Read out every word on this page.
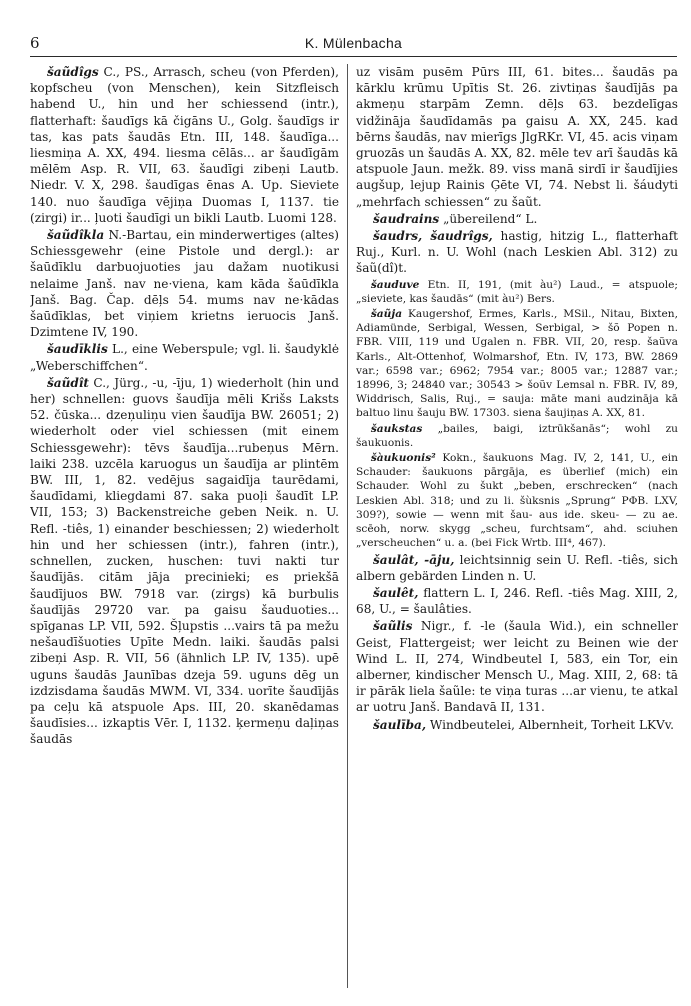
6	K. Mülenbacha

šaũdîgs C., PS., Arrasch, scheu (von Pferden), kopfscheu (von Menschen), kein Sitzfleisch habend U., hin und her schiessend (intr.), flatterhaft: šaudīgs kā čigāns U., Golg. šaudīgs ir tas, kas pats šaudās Etn. III, 148. šaudīga... liesmiņa A. XX, 494. liesma cēlās... ar šaudīgām mēlēm Asp. R. VII, 63. šaudīgi zibeņi Lautb. Niedr. V. X, 298. šaudīgas ēnas A. Up. Sieviete 140. nuo šaudīga vējiņa Duomas I, 1137. tie (zirgi) ir... ļuoti šaudīgi un bikli Lautb. Luomi 128.

šaũdîkla N.-Bartau, ein minderwertiges (altes) Schiessgewehr (eine Pistole und dergl.): ar šaūdīklu darbuojuoties jau dažam nuotikusi nelaime Janš. nav ne·viena, kam kāda šaūdīkla Janš. Bag. Čap. dēļs 54. mums nav ne·kādas šaūdīklas, bet viņiem krietns ieruocis Janš. Dzimtene IV, 190.

šaudīklis L., eine Weberspule; vgl. li. šaudyklė „Weberschiffchen“.

šaũdît C., Jürg., -u, -īju, 1) wiederholt (hin und her) schnellen: guovs šaudīja mēli Krišs Laksts 52. čūska... dzeņuliņu vien šaudīja BW. 26051; 2) wiederholt oder viel schiessen (mit einem Schiessgewehr): tēvs šaudīja...rubeņus Mērn. laiki 238. uzcēla karuogus un šaudīja ar plintēm BW. III, 1, 82. vedējus sagaidīja taurēdami, šaudīdami, kliegdami 87. saka puoļi šaudīt LP. VII, 153; 3) Backenstreiche geben Neik. n. U. Refl. -tiês, 1) einander beschiessen; 2) wiederholt hin und her schiessen (intr.), fahren (intr.), schnellen, zucken, huschen: tuvi nakti tur šaudījās. citām jāja precinieki; es priekšā šaudījuos BW. 7918 var. (zirgs) kā burbulis šaudījās 29720 var. pa gaisu šauduoties... spīganas LP. VII, 592. Šļupstis ...vairs tā pa mežu nešaudīšuoties Upīte Medn. laiki. šaudās palsi zibeņi Asp. R. VII, 56 (ähnlich LP. IV, 135). upē uguns šaudās Jaunības dzeja 59. uguns dēg un izdzisdama šaudās MWM. VI, 334. uorīte šaudījās pa ceļu kā atspuole Aps. III, 20. skanēdamas šaudīsies... izkaptis Vēr. I, 1132. ķermeņu daļiņas šaudās

uz visām pusēm Pūrs III, 61. bites... šaudās pa kārklu krūmu Upītis St. 26. zivtiņas šaudījās pa akmeņu starpām Zemn. dēļs 63. bezdelīgas vidžināja šaudīdamās pa gaisu A. XX, 245. kad bērns šaudās, nav mierīgs JlgRKr. VI, 45. acis viņam gruozās un šaudās A. XX, 82. mēle tev arī šaudās kā atspuole Jaun. mežk. 89. viss manā sirdī ir šaudījies augšup, lejup Rainis Ģēte VI, 74. Nebst li. šáudyti „mehrfach schiessen“ zu šaũt.

šaudrains „übereilend“ L.

šaudrs, šaudrîgs, hastig, hitzig L., flatterhaft Ruj., Kurl. n. U. Wohl (nach Leskien Abl. 312) zu šaũ(dî)t.

šauduve Etn. II, 191, (mit àu²) Laud., = atspuole; „sieviete, kas šaudās“ (mit àu²) Bers.

šaũja Kaugershof, Ermes, Karls., MSil., Nitau, Bixten, Adiamünde, Serbigal, Wessen, Serbigal, > šõ Popen n. FBR. VIII, 119 und Ugalen n. FBR. VII, 20, resp. šaũva Karls., Alt-Ottenhof, Wolmarshof, Etn. IV, 173, BW. 2869 var.; 6598 var.; 6962; 7954 var.; 8005 var.; 12887 var.; 18996, 3; 24840 var.; 30543 > šoũv Lemsal n. FBR. IV, 89, Widdrisch, Salis, Ruj., = sauja: māte mani audzināja kā baltuo linu šauju BW. 17303. siena šaujiņas A. XX, 81.

šaukstas „bailes, baigi, iztrūkšanās“; wohl zu šaukuonis.

šàukuonis² Kokn., šaukuons Mag. IV, 2, 141, U., ein Schauder: šaukuons pārgāja, es überlief (mich) ein Schauder. Wohl zu šukt „beben, erschrecken“ (nach Leskien Abl. 318; und zu li. šùksnis „Sprung“ PΦB. LXV, 309?), sowie — wenn mit šau- aus ide. skeu- — zu ae. scēoh, norw. skygg „scheu, furchtsam“, ahd. sciuhen „verscheuchen“ u. a. (bei Fick Wrtb. III⁴, 467).

šaulât, -āju, leichtsinnig sein U. Refl. -tiês, sich albern gebärden Linden n. U.

šaulêt, flattern L. I, 246. Refl. -tiês Mag. XIII, 2, 68, U., = šaulâties.

šaũlis Nigr., f. -le (šaula Wid.), ein schneller Geist, Flattergeist; wer leicht zu Beinen wie der Wind L. II, 274, Windbeutel I, 583, ein Tor, ein alberner, kindischer Mensch U., Mag. XIII, 2, 68: tā ir pārāk liela šaũle: te viņa turas ...ar vienu, te atkal ar uotru Janš. Bandavā II, 131.

šaulība, Windbeutelei, Albernheit, Torheit LKVv.
